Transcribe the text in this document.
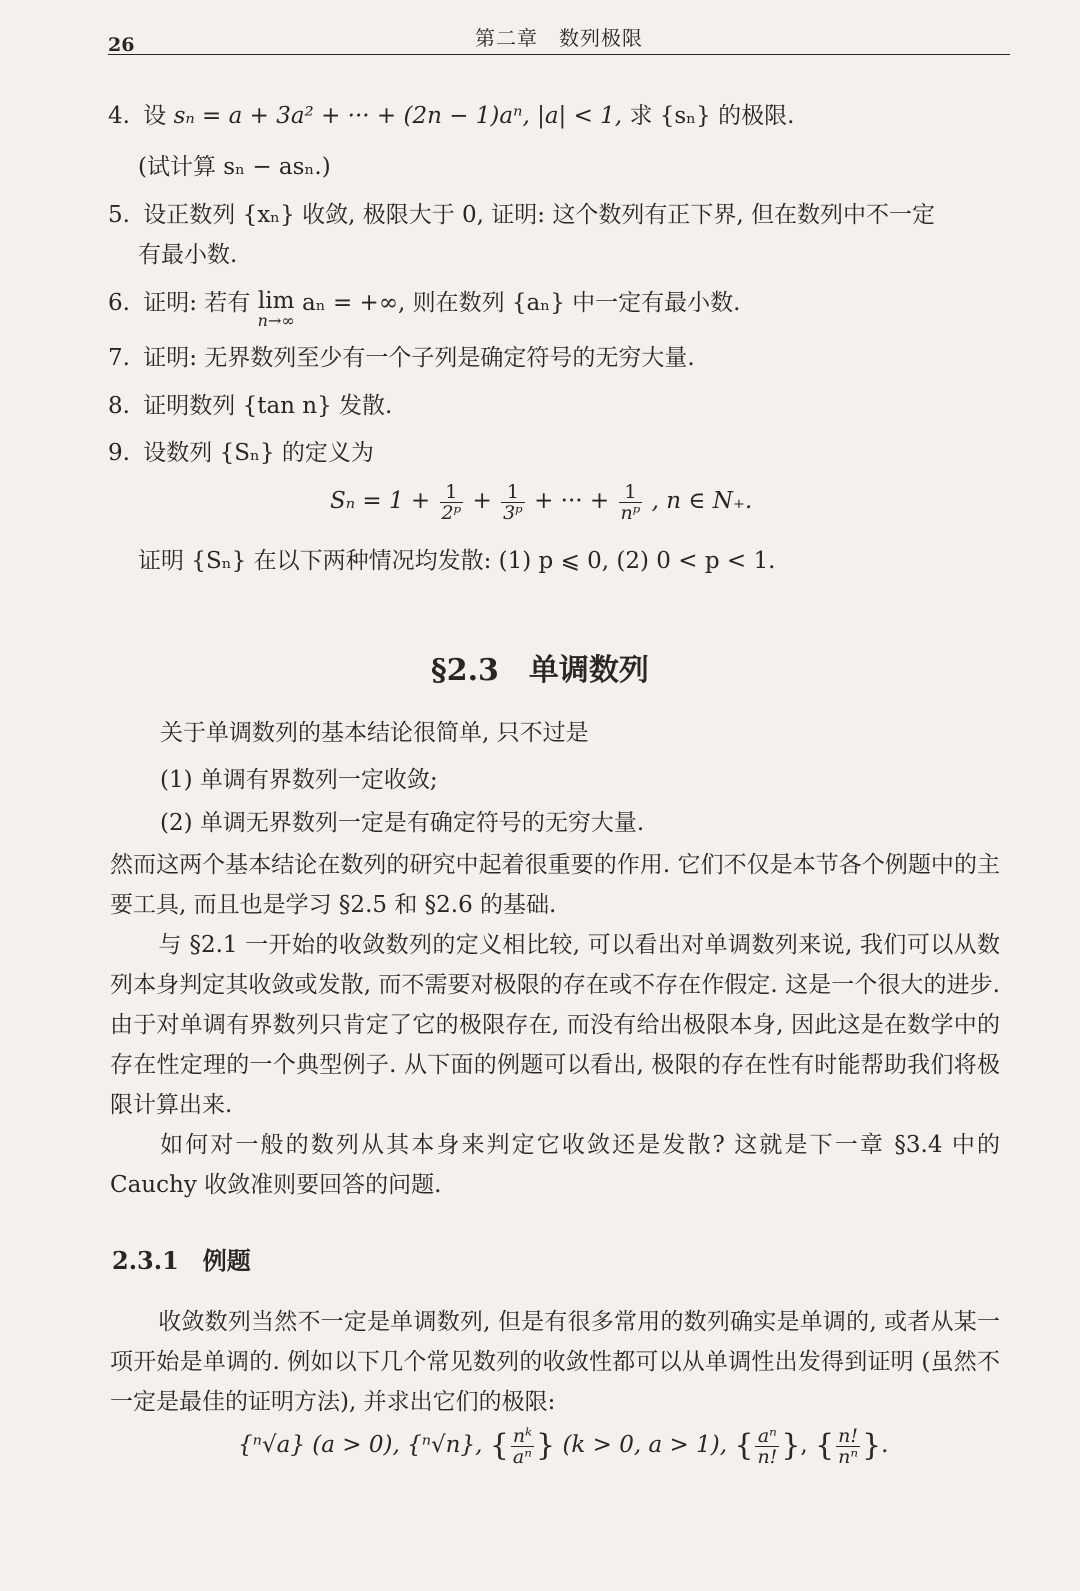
26	第二章　数列极限
4. 设 sₙ = a + 3a² + ··· + (2n − 1)aⁿ, |a| < 1, 求 {sₙ} 的极限.
(试计算 sₙ − asₙ.)
5. 设正数列 {xₙ} 收敛, 极限大于 0, 证明: 这个数列有正下界, 但在数列中不一定
有最小数.
6. 证明: 若有 lim
n→∞
aₙ = +∞, 则在数列 {aₙ} 中一定有最小数.
7. 证明: 无界数列至少有一个子列是确定符号的无穷大量.
8. 证明数列 {tan n} 发散.
9. 设数列 {Sₙ} 的定义为
$S_n = 1 + \frac{1}{\text{2ᵖ}} + \frac{1}{\text{3ᵖ}}$ + ··· + $\frac{1}{\text{nᵖ}}$ , n ∈ N₊.
证明 {Sₙ} 在以下两种情况均发散: (1) p ⩽ 0, (2) 0 < p < 1.
§2.3　单调数列
关于单调数列的基本结论很简单, 只不过是
(1) 单调有界数列一定收敛;
(2) 单调无界数列一定是有确定符号的无穷大量.
然而这两个基本结论在数列的研究中起着很重要的作用. 它们不仅是本节各个例题中的主要工具, 而且也是学习 §2.5 和 §2.6 的基础.
与 §2.1 一开始的收敛数列的定义相比较, 可以看出对单调数列来说, 我们可以从数列本身判定其收敛或发散, 而不需要对极限的存在或不存在作假定. 这是一个很大的进步. 由于对单调有界数列只肯定了它的极限存在, 而没有给出极限本身, 因此这是在数学中的存在性定理的一个典型例子. 从下面的例题可以看出, 极限的存在性有时能帮助我们将极限计算出来.
如何对一般的数列从其本身来判定它收敛还是发散? 这就是下一章 §3.4 中的 Cauchy 收敛准则要回答的问题.
2.3.1　例题
收敛数列当然不一定是单调数列, 但是有很多常用的数列确实是单调的, 或者从某一项开始是单调的. 例如以下几个常见数列的收敛性都可以从单调性出发得到证明 (虽然不一定是最佳的证明方法), 并求出它们的极限:
{ⁿ√a} (a > 0), {ⁿ√n}, { $\frac{\text{nᵏ}}{\text{aⁿ}}$ } (k > 0, a > 1), { $\frac{\text{aⁿ}}{n!}$ }, { $\frac{n!}{\text{nⁿ}}$ }.
